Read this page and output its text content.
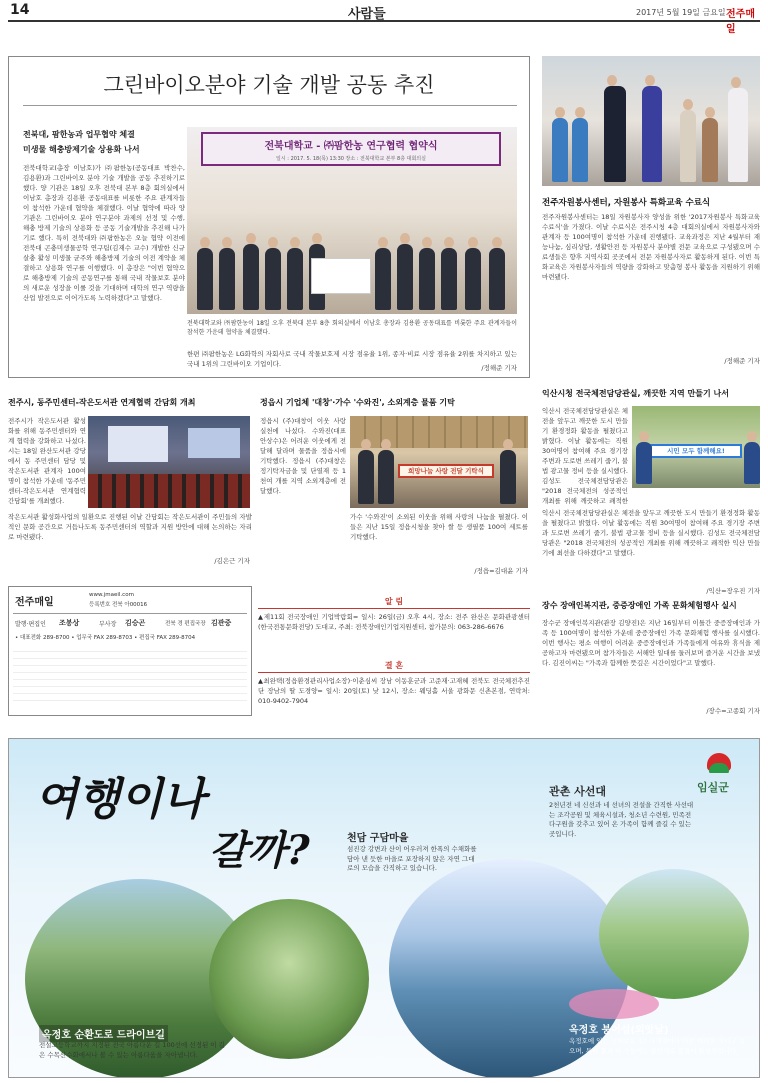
14	사람들	2017년 5월 19일 금요일 전주매일
그린바이오분야 기술 개발 공동 추진
전북대, 팜한농과 업무협약 체결
미생물 해충방제기술 상용화 나서
전북대학교(총장 이남호)가 ㈜팜한농(공동대표 박찬수, 김용환)과 그린바이오 분야 기술 개발을 공동 추진하기로 했다. 양 기관은 18일 오후 전북대 본부 8층 회의실에서 이남호 총장과 김용환 공동대표를 비롯한 주요 관계자들이 참석한 가운데 협약을 체결했다. 이날 협약에 따라 양 기관은 그린바이오 분야 연구분야 과제의 선정 및 수행, 해충 방제 기술의 상용화 등 공동 기술개발을 추진해 나가기로 했다. 특히 전북대와 ㈜팜한농은 오늘 협약 이전에 전북대 곤충미생물공학 연구팀(김재수 교수) 개발한 신규 살충 활성 미생물 균주와 해충방제 기술의 이전 계약을 체결하고 상용화 연구를 이행했다. 이 총장은 "이번 협약으로 해충방제 기술의 공동연구를 통해 국내 작물보호 분야의 새로운 성장을 이룰 것을 기대하며 대학의 연구 역량을 산업 발전으로 이어가도록 노력하겠다"고 말했다.
전북대학교 - ㈜팜한농 연구협력 협약식
일시 : 2017. 5. 18(목) 13:30 장소 : 전북대학교 본부 8층 대회의실
전북대학교와 ㈜팜한농이 18일 오후 전북대 본부 8층 회의실에서 이남호 총장과 김용환 공동대표를 비롯한 주요 관계자들이 참석한 가운데 협약을 체결했다.
한편 ㈜팜한농은 LG화학의 자회사로 국내 작물보호제 시장 점유율 1위, 종자·비료 시장 점유율 2위를 차지하고 있는 국내 1위의 그린바이오 기업이다.	/정해준 기자
전주자원봉사센터, 자원봉사 특화교육 수료식
전주자원봉사센터는 18일 자원봉사자 양성을 위한 '2017자원봉사 특화교육 수료식'을 가졌다. 이날 수료식은 전주시청 4층 대회의실에서 자원봉사자와 관계자 등 100여명이 참석한 가운데 진행됐다. 교육과정은 지난 4월부터 재능나눔, 심리상담, 생활안전 등 자원봉사 분야별 전문 교육으로 구성됐으며 수료생들은 향후 지역사회 곳곳에서 전문 자원봉사자로 활동하게 된다. 이번 특화교육은 자원봉사자들의 역량을 강화하고 맞춤형 봉사 활동을 지원하기 위해 마련됐다.
/정해준 기자
전주시, 동주민센터-작은도서관 연계협력 간담회 개최
전주시가 작은도서관 활성화를 위해 동주민센터와 연계 협력을 강화하고 나섰다. 시는 18일 완산도서관 강당에서 동 주민센터 담당 및 작은도서관 관계자 100여명이 참석한 가운데 '동주민센터-작은도서관 연계협력 간담회'를 개최했다.
작은도서관 활성화사업의 일환으로 진행된 이날 간담회는 작은도서관이 주민들의 자발적인 문화 공간으로 거듭나도록 동주민센터의 역할과 지원 방안에 대해 논의하는 자리로 마련됐다.
/김은근 기자
정읍시 기업체 '대창'·가수 '수와진', 소외계층 물품 기탁
정읍시 (주)대창이 이웃 사랑 실천에 나섰다. 수와진(대표 안상수)은 어려운 이웃에게 전달해 달라며 물품을 정읍시에 기탁했다. 정읍시 (주)대창은 정기탁자금을 및 단열재 등 1천여 개를 지역 소외계층에 전달했다.
희망나눔 사랑 전달 기탁식
가수 '수와진'이 소외된 이웃을 위해 사랑의 나눔을 펼쳤다. 이들은 지난 15일 정읍시청을 찾아 쌀 등 생필품 100여 세트를 기탁했다.
/정읍=김대윤 기자
익산시청 전국체전담당관실, 깨끗한 지역 만들기 나서
익산시 전국체전담당관실은 체전을 앞두고 깨끗한 도시 만들기 환경정화 활동을 펼쳤다고 밝혔다. 이날 활동에는 직원 30여명이 참여해 주요 경기장 주변과 도로변 쓰레기 줍기, 불법 광고물 정비 등을 실시했다. 김성도 전국체전담당관은 "2018 전국체전의 성공적인 개최를 위해 깨끗하고 쾌적한
시민 모두 함께해요!
익산시 전국체전담당관실은 체전을 앞두고 깨끗한 도시 만들기 환경정화 활동을 펼쳤다고 밝혔다. 이날 활동에는 직원 30여명이 참여해 주요 경기장 주변과 도로변 쓰레기 줍기, 불법 광고물 정비 등을 실시했다. 김성도 전국체전담당관은 "2018 전국체전의 성공적인 개최를 위해 깨끗하고 쾌적한 익산 만들기에 최선을 다하겠다"고 말했다.
/익산=장우진 기자
전주매일
www.jmaeil.com
등록번호 전북 아00016
발행·편집인 조봉상	부사장 김승곤	전북 경 편집국장 김관중
• 대표전화 289-8700 • 업무국 FAX 289-8703 • 편집국 FAX 289-8704
알 림
▲제11회 전국장애인 기업박람회= 일시: 26일(금) 오후 4시, 장소: 전주 완산은 문화관광센터(한국전통문화전당) 도대교, 주최: 전북장애인기업지원센터, 참가문의: 063-286-6676
결 혼
▲최완택(정읍환경관리사업소장)·이춘심씨 장남 이동훈군과 고준재·고재혜 전북도 전국체전추진단 장남의 딸 도경양= 일시: 20일(토) 낮 12시, 장소: 웨딩홀 서울 광화문 신촌본점, 연락처: 010-9402-7904
장수 장애인복지관, 중증장애인 가족 문화체험행사 실시
장수군 장애인복지관(관장 김양진)은 지난 16일부터 이틀간 중증장애인과 가족 등 100여명이 참석한 가운데 중증장애인 가족 문화체험 행사를 실시했다. 이번 행사는 평소 여행이 어려운 중증장애인과 가족들에게 여유와 휴식을 제공하고자 마련됐으며 참가자들은 서해안 일대를 둘러보며 즐거운 시간을 보냈다. 김진이씨는 "가족과 함께한 뜻깊은 시간이었다"고 말했다.
/장수=고종회 기자
여행이나
갈까?
임실군
관촌 사선대
2천년전 네 신선과 네 선녀의 전설을 간직한 사선대는 조각공원 및 체육시설과, 청소년 수련원, 민족전다구원을 갖추고 있어 온 가족이 함께 즐길 수 있는 곳입니다.
천담 구담마을
섬진강 강변과 산이 어우러져 한폭의 수채화를 담아 낸 듯한 마을로 포장하지 않은 자연 그대로의 모습을 간직하고 있습니다.
옥정호 순환도로 드라이브길
전설고등학교까지 지정된 전국 아름다운 길 100선에 선정된 이 길은 수목산수화에서나 볼 수 있는 아름다움을 자아냅니다.
옥정호 붕어섬(외앗날)
옥정호에 있는 신비로운 섬! 사계절마다 다른 매력을 지니고 있으며, 특히 물과 이 가을에는 물안개로 물결이 환상적입니다.
